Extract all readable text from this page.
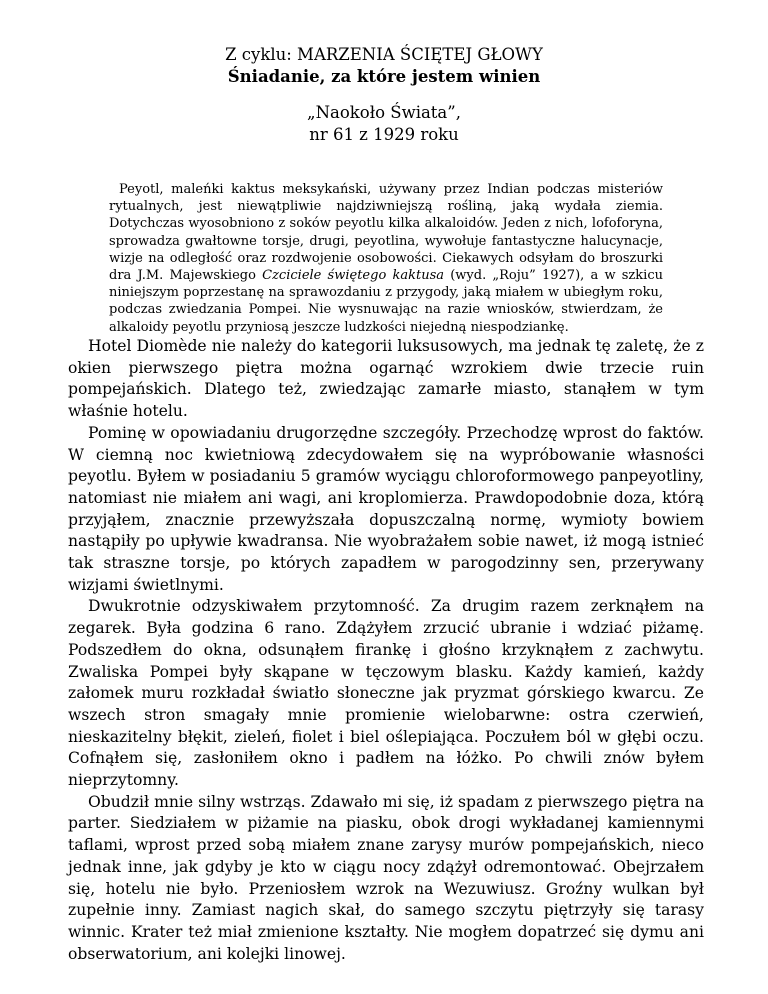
Z cyklu: MARZENIA ŚCIĘTEJ GŁOWY

Śniadanie, za które jestem winien

„Naokoło Świata”,
nr 61 z 1929 roku

Peyotl, maleńki kaktus meksykański, używany przez Indian podczas misteriów rytualnych, jest niewątpliwie najdziwniejszą rośliną, jaką wydała ziemia. Dotychczas wyosobniono z soków peyotlu kilka alkaloidów. Jeden z nich, lofoforyna, sprowadza gwałtowne torsje, drugi, peyotlina, wywołuje fantastyczne halucynacje, wizje na odległość oraz rozdwojenie osobowości. Ciekawych odsyłam do broszurki dra J.M. Majewskiego Czciciele świętego kaktusa (wyd. „Roju” 1927), a w szkicu niniejszym poprzestanę na sprawozdaniu z przygody, jaką miałem w ubiegłym roku, podczas zwiedzania Pompei. Nie wysnuwając na razie wniosków, stwierdzam, że alkaloidy peyotlu przyniosą jeszcze ludzkości niejedną niespodziankę.

Hotel Diomède nie należy do kategorii luksusowych, ma jednak tę zaletę, że z okien pierwszego piętra można ogarnąć wzrokiem dwie trzecie ruin pompejańskich. Dlatego też, zwiedzając zamarłe miasto, stanąłem w tym właśnie hotelu.

Pominę w opowiadaniu drugorzędne szczegóły. Przechodzę wprost do faktów. W ciemną noc kwietniową zdecydowałem się na wypróbowanie własności peyotlu. Byłem w posiadaniu 5 gramów wyciągu chloroformowego panpeyotliny, natomiast nie miałem ani wagi, ani kroplomierza. Prawdopodobnie doza, którą przyjąłem, znacznie przewyższała dopuszczalną normę, wymioty bowiem nastąpiły po upływie kwadransa. Nie wyobrażałem sobie nawet, iż mogą istnieć tak straszne torsje, po których zapadłem w parogodzinny sen, przerywany wizjami świetlnymi.

Dwukrotnie odzyskiwałem przytomność. Za drugim razem zerknąłem na zegarek. Była godzina 6 rano. Zdążyłem zrzucić ubranie i wdziać piżamę. Podszedłem do okna, odsunąłem firankę i głośno krzyknąłem z zachwytu. Zwaliska Pompei były skąpane w tęczowym blasku. Każdy kamień, każdy załomek muru rozkładał światło słoneczne jak pryzmat górskiego kwarcu. Ze wszech stron smagały mnie promienie wielobarwne: ostra czerwień, nieskazitelny błękit, zieleń, fiolet i biel oślepiająca. Poczułem ból w głębi oczu. Cofnąłem się, zasłoniłem okno i padłem na łóżko. Po chwili znów byłem nieprzytomny.

Obudził mnie silny wstrząs. Zdawało mi się, iż spadam z pierwszego piętra na parter. Siedziałem w piżamie na piasku, obok drogi wykładanej kamiennymi taflami, wprost przed sobą miałem znane zarysy murów pompejańskich, nieco jednak inne, jak gdyby je kto w ciągu nocy zdążył odremontować. Obejrzałem się, hotelu nie było. Przeniosłem wzrok na Wezuwiusz. Groźny wulkan był zupełnie inny. Zamiast nagich skał, do samego szczytu piętrzyły się tarasy winnic. Krater też miał zmienione kształty. Nie mogłem dopatrzeć się dymu ani obserwatorium, ani kolejki linowej.
